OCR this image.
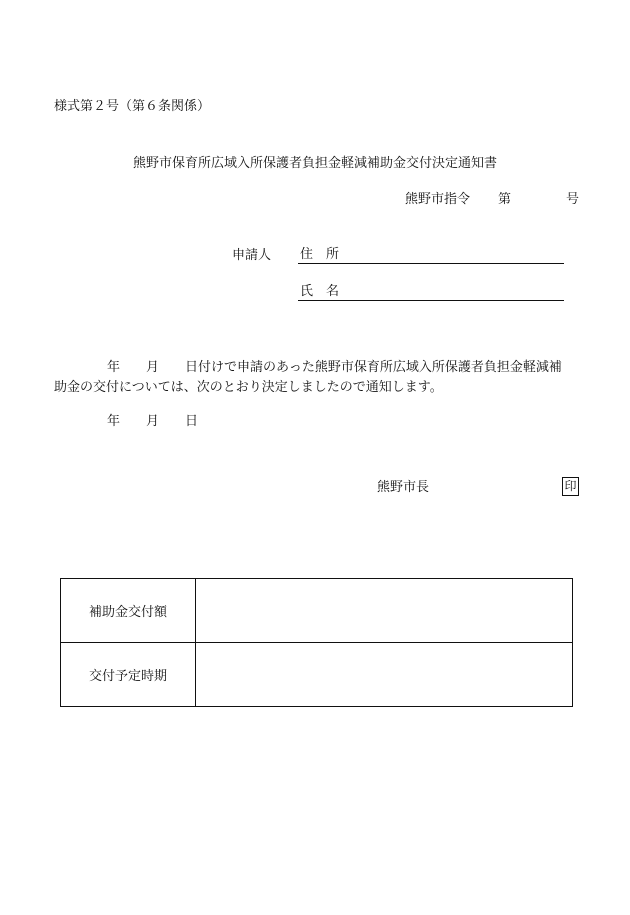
様式第２号（第６条関係）
熊野市保育所広域入所保護者負担金軽減補助金交付決定通知書
熊野市指令 第	号
申請人 住　所
氏　名
年　　月　　日付けで申請のあった熊野市保育所広域入所保護者負担金軽減補
助金の交付については、次のとおり決定しましたので通知します。
年　　月　　日
熊野市長	印
補助金交付額	
交付予定時期	
